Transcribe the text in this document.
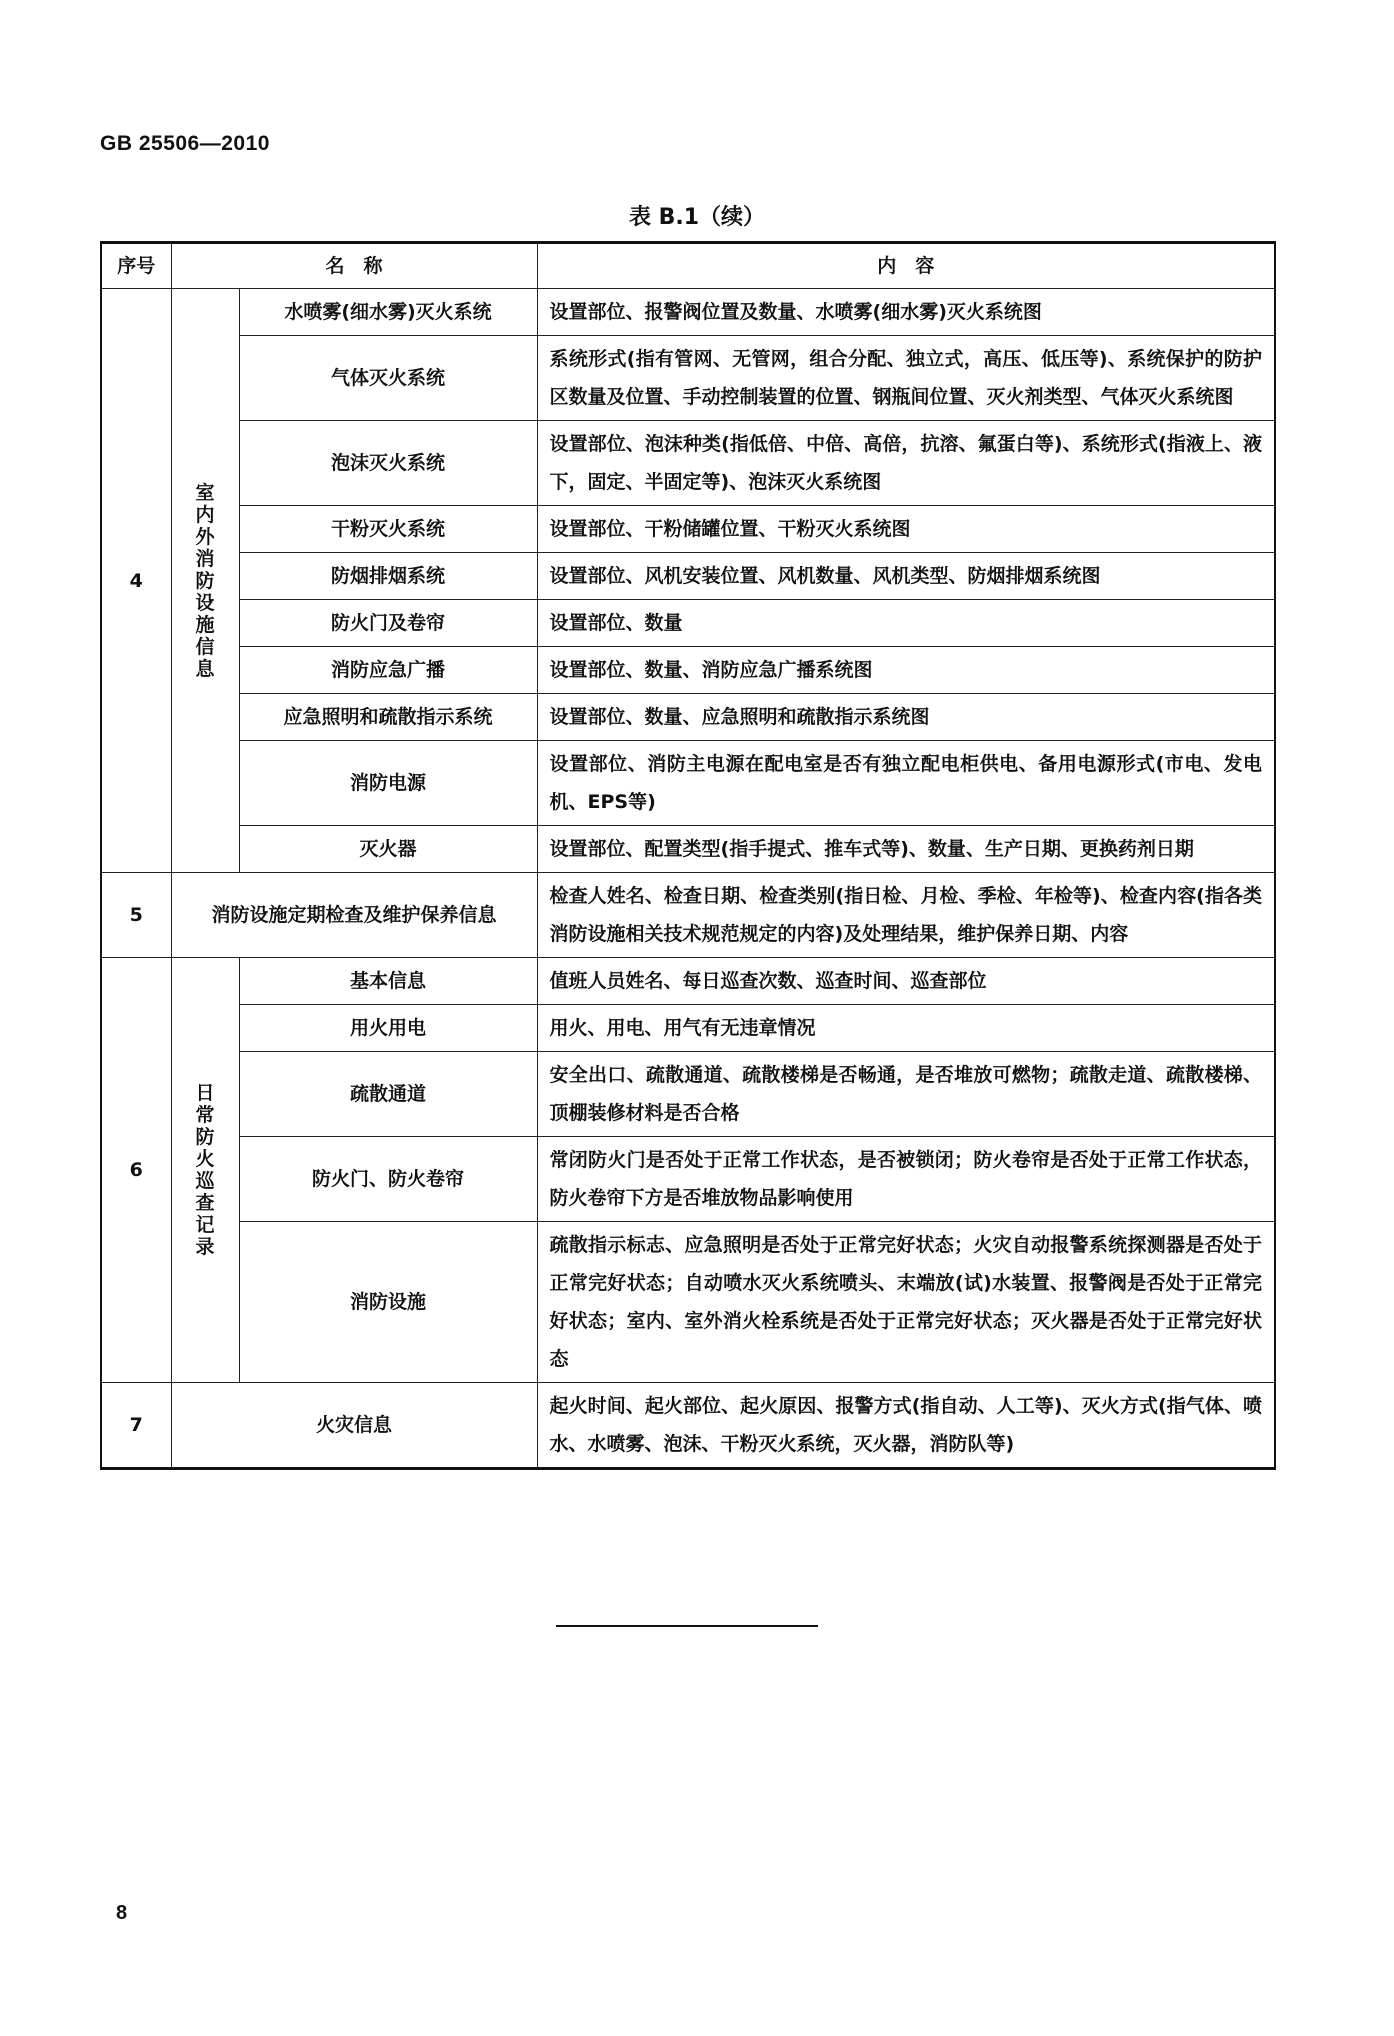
GB 25506—2010
表 B.1（续）
序号	名　称		内　容
4	室内外消防设施信息	水喷雾(细水雾)灭火系统	设置部位、报警阀位置及数量、水喷雾(细水雾)灭火系统图
		气体灭火系统	系统形式(指有管网、无管网，组合分配、独立式，高压、低压等)、系统保护的防护区数量及位置、手动控制装置的位置、钢瓶间位置、灭火剂类型、气体灭火系统图
		泡沫灭火系统	设置部位、泡沫种类(指低倍、中倍、高倍，抗溶、氟蛋白等)、系统形式(指液上、液下，固定、半固定等)、泡沫灭火系统图
		干粉灭火系统	设置部位、干粉储罐位置、干粉灭火系统图
		防烟排烟系统	设置部位、风机安装位置、风机数量、风机类型、防烟排烟系统图
		防火门及卷帘	设置部位、数量
		消防应急广播	设置部位、数量、消防应急广播系统图
		应急照明和疏散指示系统	设置部位、数量、应急照明和疏散指示系统图
		消防电源	设置部位、消防主电源在配电室是否有独立配电柜供电、备用电源形式(市电、发电机、EPS等)
		灭火器	设置部位、配置类型(指手提式、推车式等)、数量、生产日期、更换药剂日期
5	消防设施定期检查及维护保养信息		检查人姓名、检查日期、检查类别(指日检、月检、季检、年检等)、检查内容(指各类消防设施相关技术规范规定的内容)及处理结果，维护保养日期、内容
6	日常防火巡查记录	基本信息	值班人员姓名、每日巡查次数、巡查时间、巡查部位
		用火用电	用火、用电、用气有无违章情况
		疏散通道	安全出口、疏散通道、疏散楼梯是否畅通，是否堆放可燃物；疏散走道、疏散楼梯、顶棚装修材料是否合格
		防火门、防火卷帘	常闭防火门是否处于正常工作状态，是否被锁闭；防火卷帘是否处于正常工作状态，防火卷帘下方是否堆放物品影响使用
		消防设施	疏散指示标志、应急照明是否处于正常完好状态；火灾自动报警系统探测器是否处于正常完好状态；自动喷水灭火系统喷头、末端放(试)水装置、报警阀是否处于正常完好状态；室内、室外消火栓系统是否处于正常完好状态；灭火器是否处于正常完好状态
7	火灾信息		起火时间、起火部位、起火原因、报警方式(指自动、人工等)、灭火方式(指气体、喷水、水喷雾、泡沫、干粉灭火系统，灭火器，消防队等)
8
